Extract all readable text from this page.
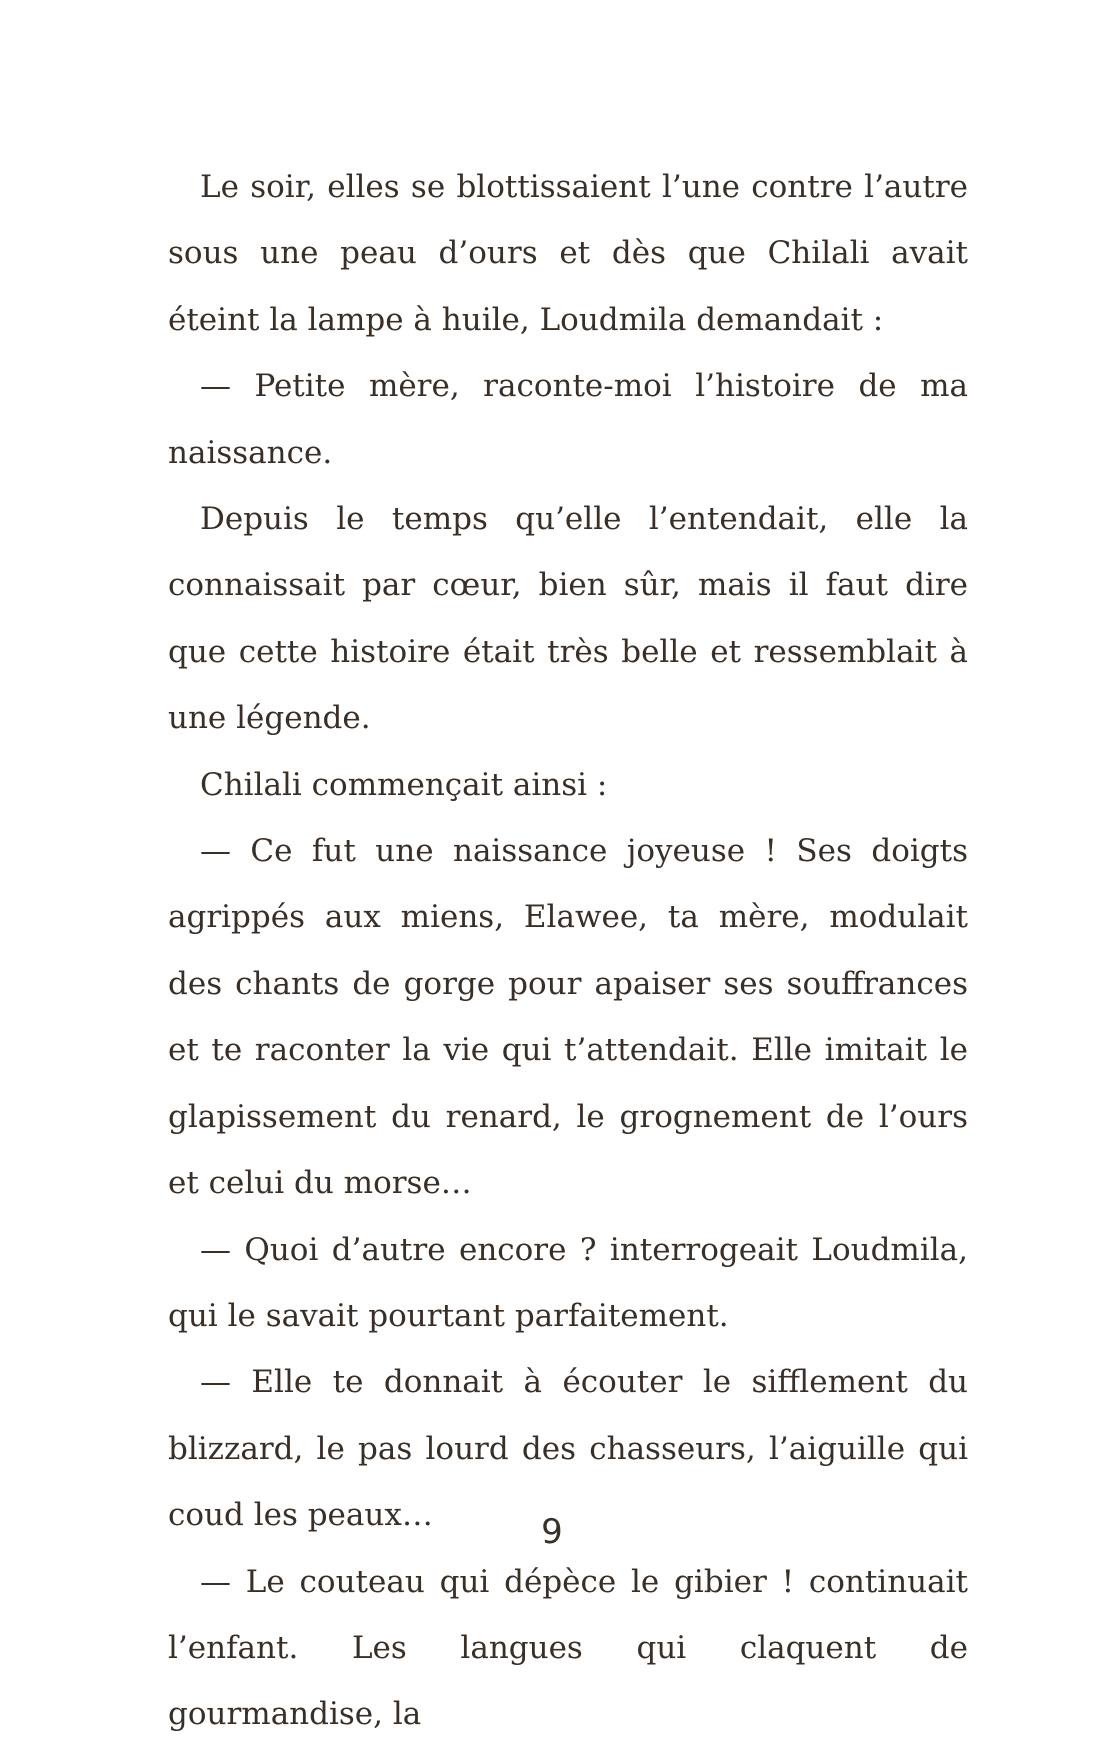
Le soir, elles se blottissaient l’une contre l’autre sous une peau d’ours et dès que Chilali avait éteint la lampe à huile, Loudmila demandait :

— Petite mère, raconte-moi l’histoire de ma naissance.

Depuis le temps qu’elle l’entendait, elle la connaissait par cœur, bien sûr, mais il faut dire que cette histoire était très belle et ressemblait à une légende.

Chilali commençait ainsi :

— Ce fut une naissance joyeuse ! Ses doigts agrippés aux miens, Elawee, ta mère, modulait des chants de gorge pour apaiser ses souffrances et te raconter la vie qui t’attendait. Elle imitait le glapissement du renard, le grognement de l’ours et celui du morse…

— Quoi d’autre encore ? interrogeait Loudmila, qui le savait pourtant parfaitement.

— Elle te donnait à écouter le sifflement du blizzard, le pas lourd des chasseurs, l’aiguille qui coud les peaux…

— Le couteau qui dépèce le gibier ! continuait l’enfant. Les langues qui claquent de gourmandise, la

9
